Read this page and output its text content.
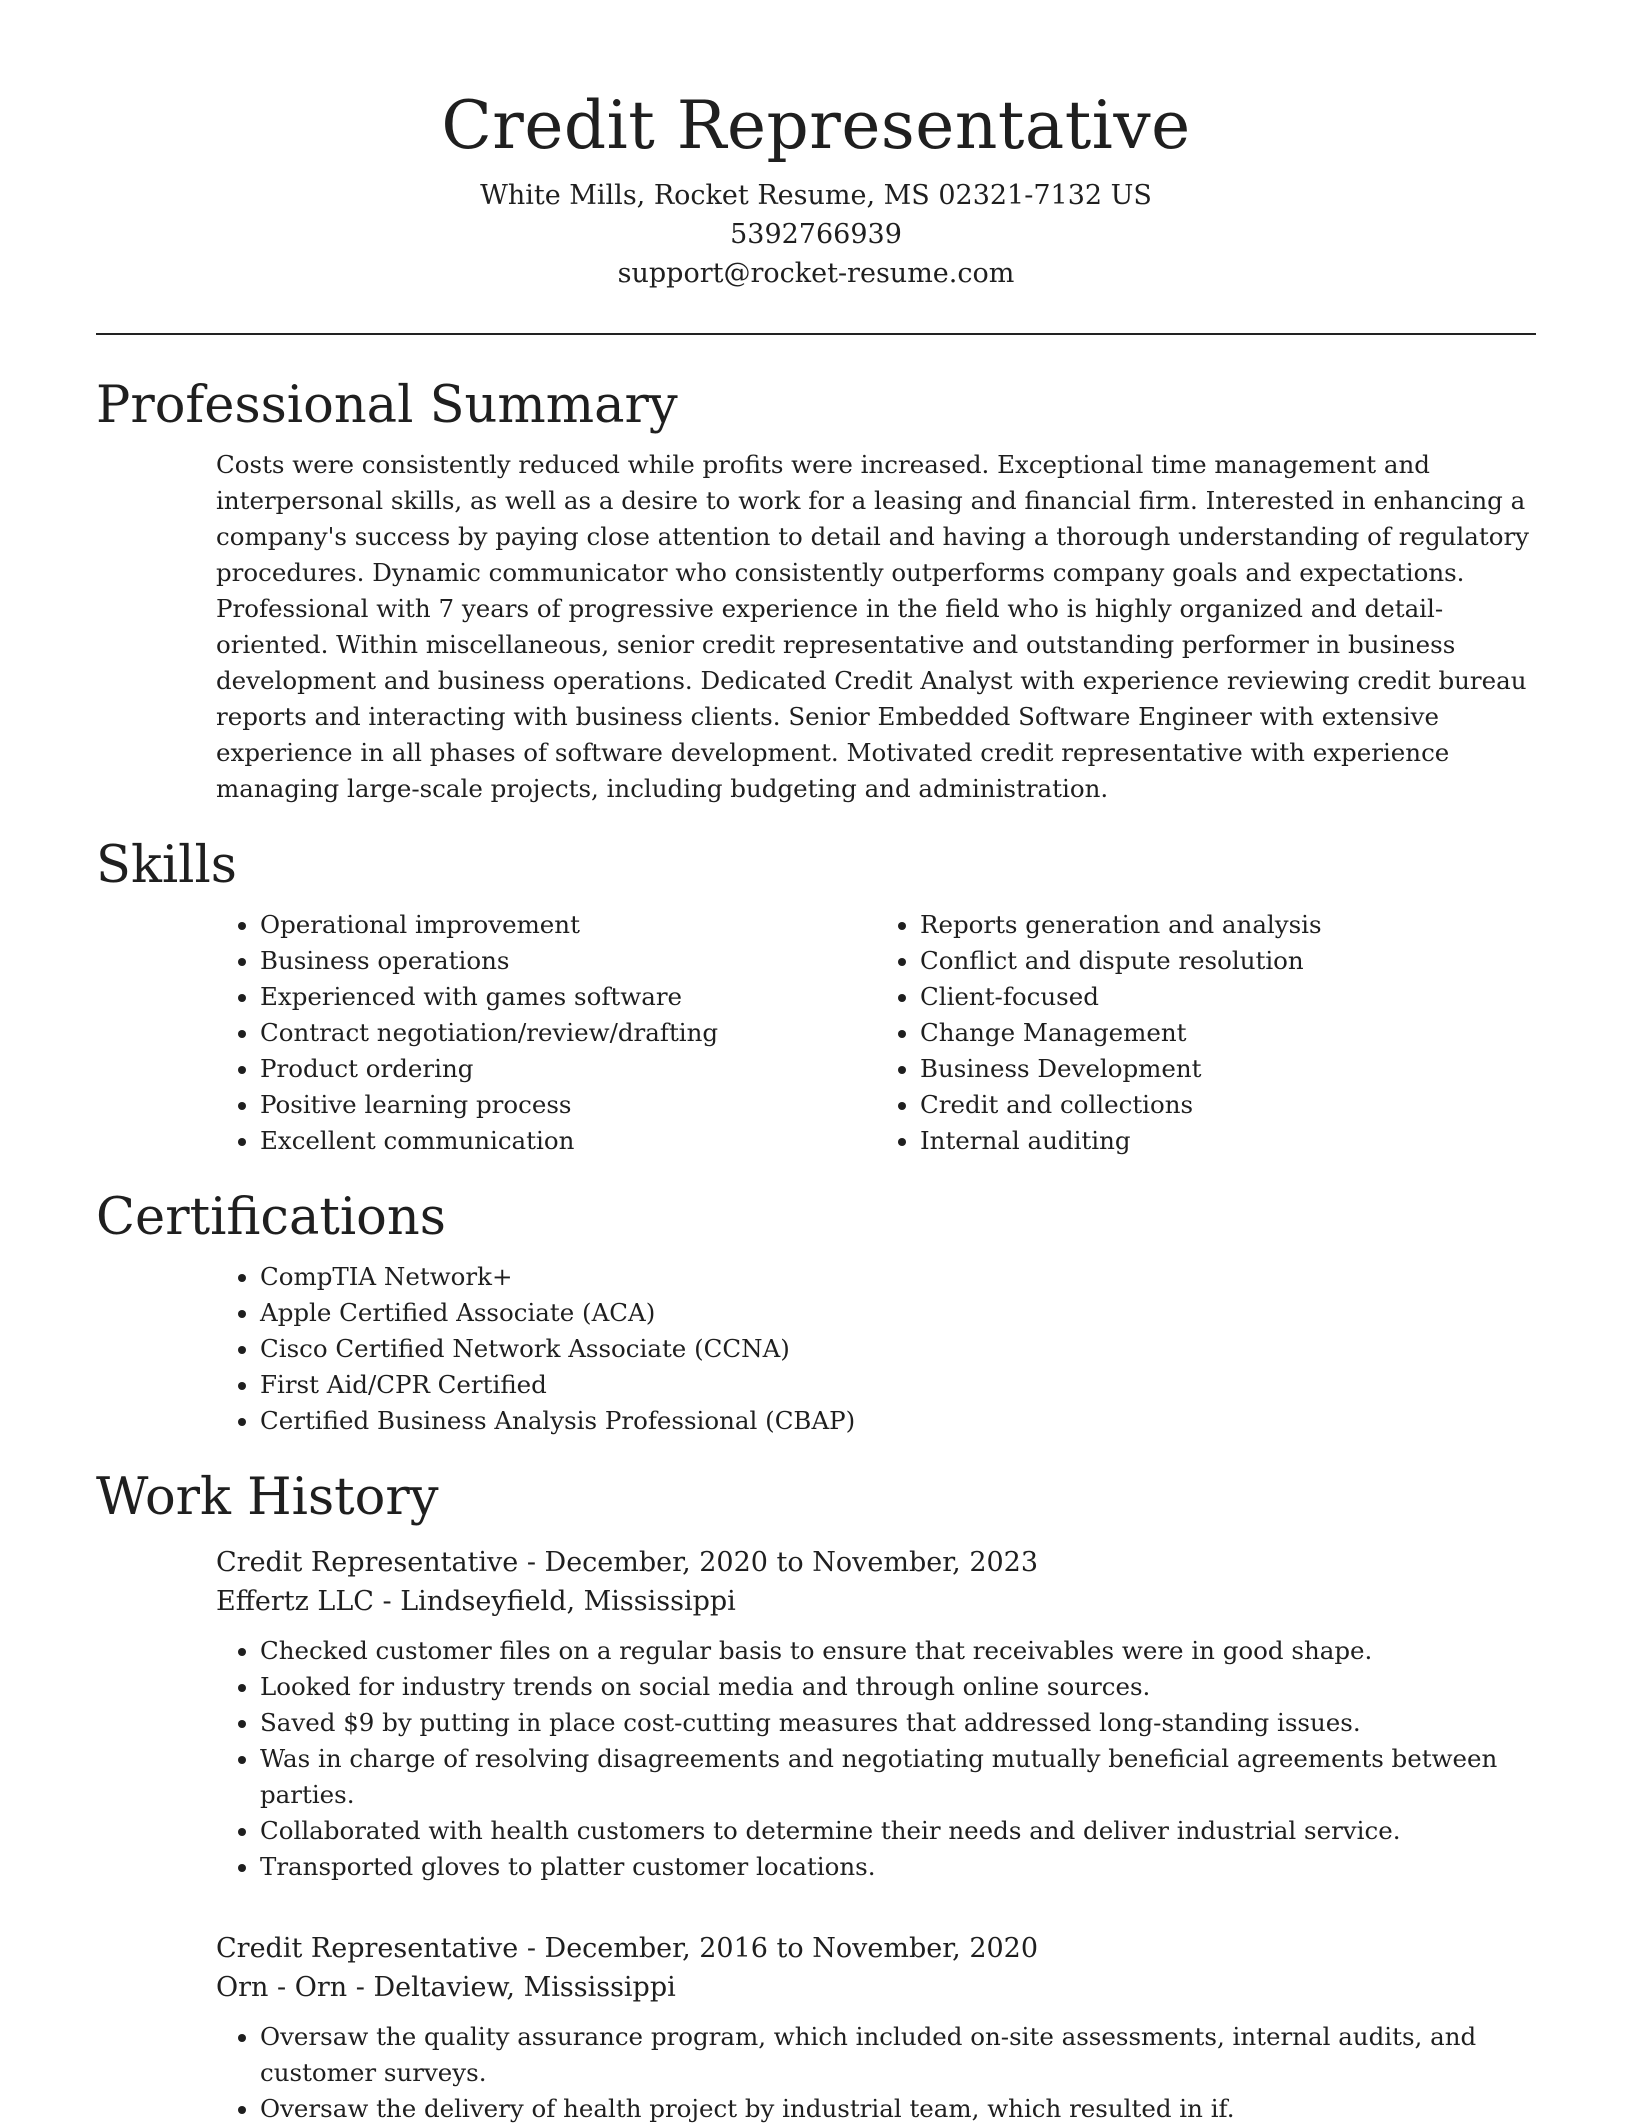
Credit Representative
White Mills, Rocket Resume, MS 02321-7132 US
5392766939
support@rocket-resume.com
Professional Summary
Costs were consistently reduced while profits were increased. Exceptional time management and interpersonal skills, as well as a desire to work for a leasing and financial firm. Interested in enhancing a company's success by paying close attention to detail and having a thorough understanding of regulatory procedures. Dynamic communicator who consistently outperforms company goals and expectations. Professional with 7 years of progressive experience in the field who is highly organized and detail-oriented. Within miscellaneous, senior credit representative and outstanding performer in business development and business operations. Dedicated Credit Analyst with experience reviewing credit bureau reports and interacting with business clients. Senior Embedded Software Engineer with extensive experience in all phases of software development. Motivated credit representative with experience managing large-scale projects, including budgeting and administration.
Skills
• Operational improvement
• Business operations
• Experienced with games software
• Contract negotiation/review/drafting
• Product ordering
• Positive learning process
• Excellent communication
• Reports generation and analysis
• Conflict and dispute resolution
• Client-focused
• Change Management
• Business Development
• Credit and collections
• Internal auditing
Certifications
• CompTIA Network+
• Apple Certified Associate (ACA)
• Cisco Certified Network Associate (CCNA)
• First Aid/CPR Certified
• Certified Business Analysis Professional (CBAP)
Work History
Credit Representative - December, 2020 to November, 2023
Effertz LLC - Lindseyfield, Mississippi
• Checked customer files on a regular basis to ensure that receivables were in good shape.
• Looked for industry trends on social media and through online sources.
• Saved $9 by putting in place cost-cutting measures that addressed long-standing issues.
• Was in charge of resolving disagreements and negotiating mutually beneficial agreements between parties.
• Collaborated with health customers to determine their needs and deliver industrial service.
• Transported gloves to platter customer locations.
Credit Representative - December, 2016 to November, 2020
Orn - Orn - Deltaview, Mississippi
• Oversaw the quality assurance program, which included on-site assessments, internal audits, and customer surveys.
• Oversaw the delivery of health project by industrial team, which resulted in if.
